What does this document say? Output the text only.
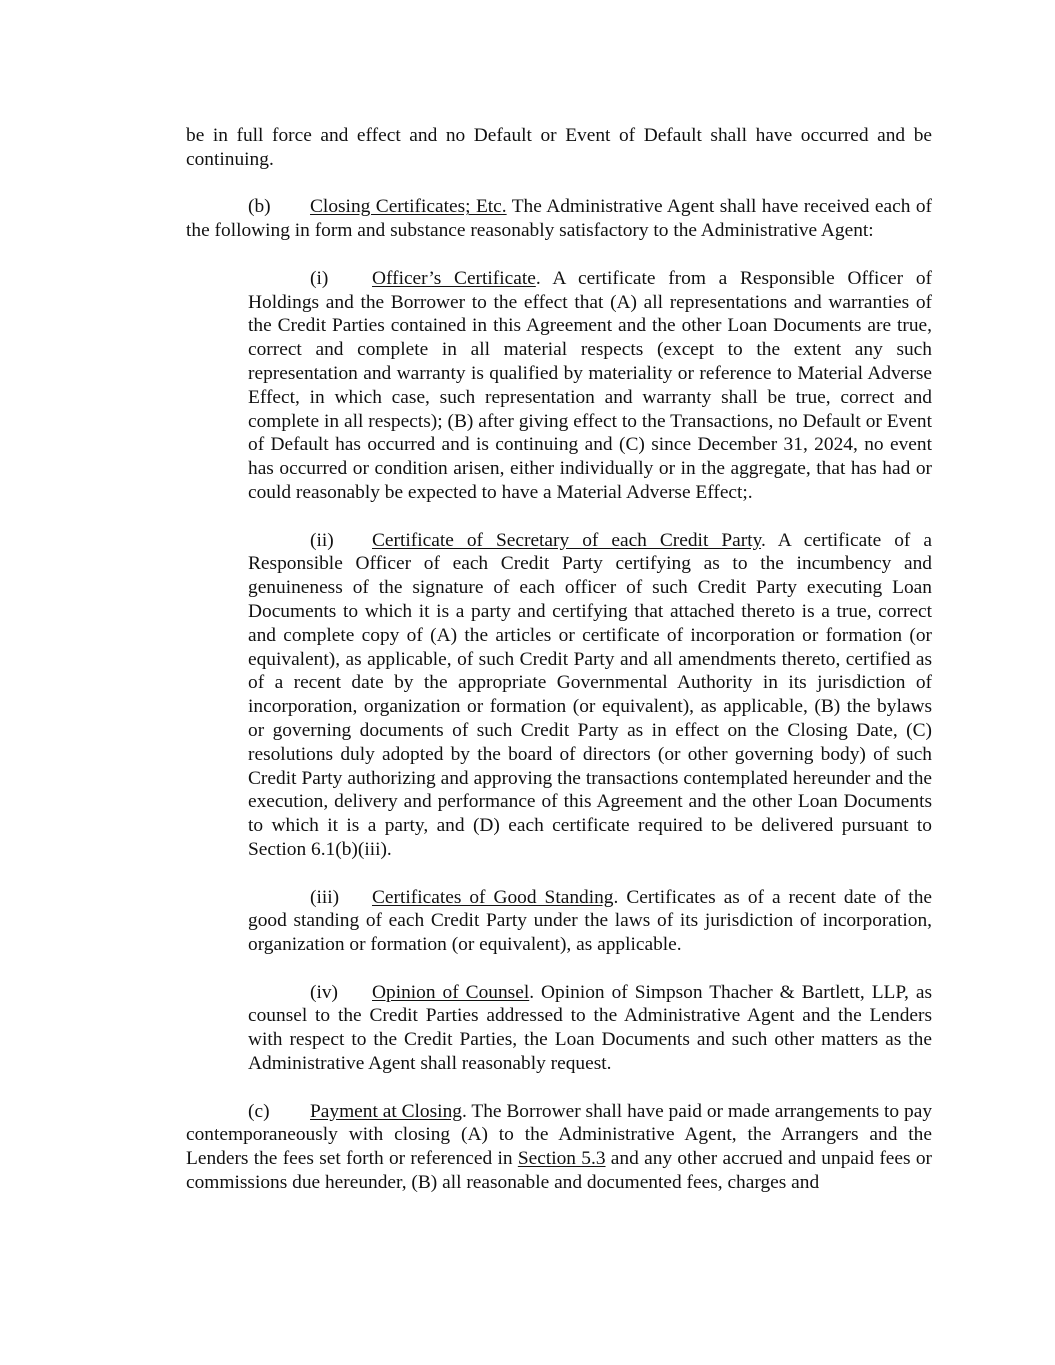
be in full force and effect and no Default or Event of Default shall have occurred and be continuing.

(b) Closing Certificates; Etc. The Administrative Agent shall have received each of the following in form and substance reasonably satisfactory to the Administrative Agent:

(i) Officer’s Certificate. A certificate from a Responsible Officer of Holdings and the Borrower to the effect that (A) all representations and warranties of the Credit Parties contained in this Agreement and the other Loan Documents are true, correct and complete in all material respects (except to the extent any such representation and warranty is qualified by materiality or reference to Material Adverse Effect, in which case, such representation and warranty shall be true, correct and complete in all respects); (B) after giving effect to the Transactions, no Default or Event of Default has occurred and is continuing and (C) since December 31, 2024, no event has occurred or condition arisen, either individually or in the aggregate, that has had or could reasonably be expected to have a Material Adverse Effect;.

(ii) Certificate of Secretary of each Credit Party. A certificate of a Responsible Officer of each Credit Party certifying as to the incumbency and genuineness of the signature of each officer of such Credit Party executing Loan Documents to which it is a party and certifying that attached thereto is a true, correct and complete copy of (A) the articles or certificate of incorporation or formation (or equivalent), as applicable, of such Credit Party and all amendments thereto, certified as of a recent date by the appropriate Governmental Authority in its jurisdiction of incorporation, organization or formation (or equivalent), as applicable, (B) the bylaws or governing documents of such Credit Party as in effect on the Closing Date, (C) resolutions duly adopted by the board of directors (or other governing body) of such Credit Party authorizing and approving the transactions contemplated hereunder and the execution, delivery and performance of this Agreement and the other Loan Documents to which it is a party, and (D) each certificate required to be delivered pursuant to Section 6.1(b)(iii).

(iii) Certificates of Good Standing. Certificates as of a recent date of the good standing of each Credit Party under the laws of its jurisdiction of incorporation, organization or formation (or equivalent), as applicable.

(iv) Opinion of Counsel. Opinion of Simpson Thacher & Bartlett, LLP, as counsel to the Credit Parties addressed to the Administrative Agent and the Lenders with respect to the Credit Parties, the Loan Documents and such other matters as the Administrative Agent shall reasonably request.

(c) Payment at Closing. The Borrower shall have paid or made arrangements to pay contemporaneously with closing (A) to the Administrative Agent, the Arrangers and the Lenders the fees set forth or referenced in Section 5.3 and any other accrued and unpaid fees or commissions due hereunder, (B) all reasonable and documented fees, charges and
